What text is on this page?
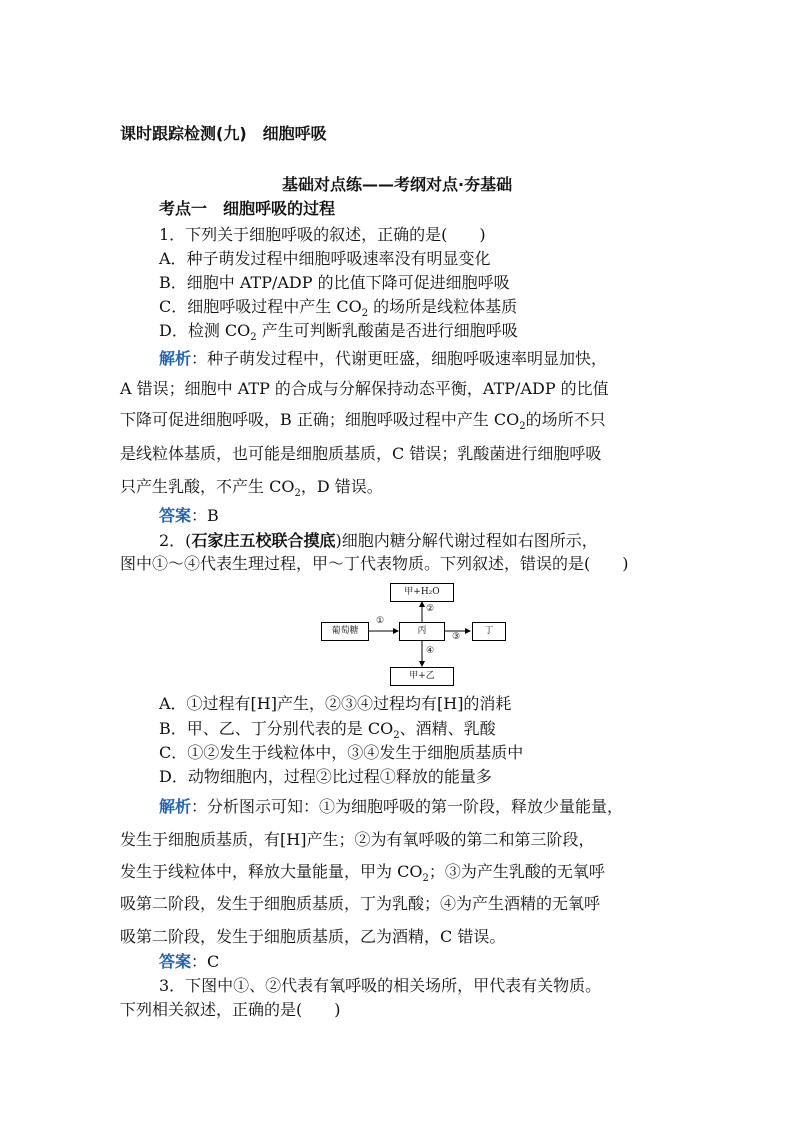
课时跟踪检测(九)　细胞呼吸
基础对点练——考纲对点·夯基础
考点一　细胞呼吸的过程
1．下列关于细胞呼吸的叙述，正确的是(　　)
A．种子萌发过程中细胞呼吸速率没有明显变化
B．细胞中 ATP/ADP 的比值下降可促进细胞呼吸
C．细胞呼吸过程中产生 $CO_2$ 的场所是线粒体基质
D．检测 $CO_2$ 产生可判断乳酸菌是否进行细胞呼吸
解析：种子萌发过程中，代谢更旺盛，细胞呼吸速率明显加快，
A 错误；细胞中 ATP 的合成与分解保持动态平衡，ATP/ADP 的比值
下降可促进细胞呼吸，B 正确；细胞呼吸过程中产生 $CO_2$的场所不只
是线粒体基质，也可能是细胞质基质，C 错误；乳酸菌进行细胞呼吸
只产生乳酸，不产生 $CO_2$，D 错误。
答案：B
2．(石家庄五校联合摸底)细胞内糖分解代谢过程如右图所示，
图中①～④代表生理过程，甲～丁代表物质。下列叙述，错误的是(　　)
甲+H₂O
葡萄糖	丙	丁
甲+乙
①
②
③
④
A．①过程有[H]产生，②③④过程均有[H]的消耗
B．甲、乙、丁分别代表的是 $CO_2$、酒精、乳酸
C．①②发生于线粒体中，③④发生于细胞质基质中
D．动物细胞内，过程②比过程①释放的能量多
解析：分析图示可知：①为细胞呼吸的第一阶段，释放少量能量，
发生于细胞质基质，有[H]产生；②为有氧呼吸的第二和第三阶段，
发生于线粒体中，释放大量能量，甲为 $CO_2$；③为产生乳酸的无氧呼
吸第二阶段，发生于细胞质基质，丁为乳酸；④为产生酒精的无氧呼
吸第二阶段，发生于细胞质基质，乙为酒精，C 错误。
答案：C
3．下图中①、②代表有氧呼吸的相关场所，甲代表有关物质。
下列相关叙述，正确的是(　　)
